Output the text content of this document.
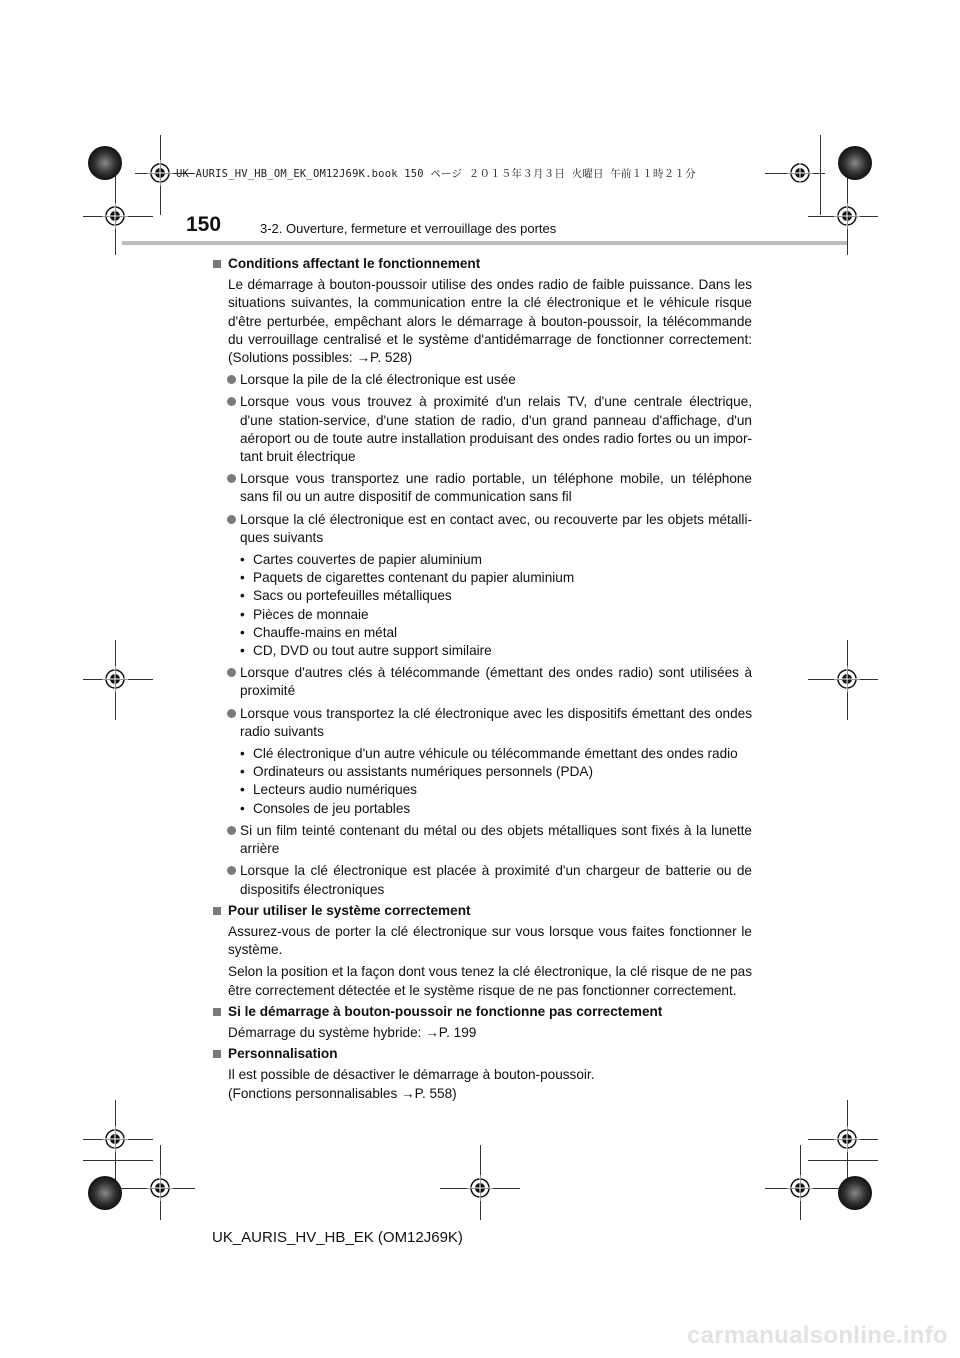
UK AURIS_HV_HB_OM_EK_OM12J69K.book 150 ページ ２０１５年３月３日 火曜日 午前１１時２１分
150	3-2. Ouverture, fermeture et verrouillage des portes
Conditions affectant le fonctionnement
Le démarrage à bouton-poussoir utilise des ondes radio de faible puissance. Dans les situations suivantes, la communication entre la clé électronique et le véhicule risque d'être perturbée, empêchant alors le démarrage à bouton-poussoir, la télécommande du verrouillage centralisé et le système d'antidémarrage de fonctionner correctement: (Solutions possibles: →P. 528)
Lorsque la pile de la clé électronique est usée
Lorsque vous vous trouvez à proximité d'un relais TV, d'une centrale électrique, d'une station-service, d'une station de radio, d'un grand panneau d'affichage, d'un aéroport ou de toute autre installation produisant des ondes radio fortes ou un impor-tant bruit électrique
Lorsque vous transportez une radio portable, un téléphone mobile, un téléphone sans fil ou un autre dispositif de communication sans fil
Lorsque la clé électronique est en contact avec, ou recouverte par les objets métalli-ques suivants
• Cartes couvertes de papier aluminium
• Paquets de cigarettes contenant du papier aluminium
• Sacs ou portefeuilles métalliques
• Pièces de monnaie
• Chauffe-mains en métal
• CD, DVD ou tout autre support similaire
Lorsque d'autres clés à télécommande (émettant des ondes radio) sont utilisées à proximité
Lorsque vous transportez la clé électronique avec les dispositifs émettant des ondes radio suivants
• Clé électronique d'un autre véhicule ou télécommande émettant des ondes radio
• Ordinateurs ou assistants numériques personnels (PDA)
• Lecteurs audio numériques
• Consoles de jeu portables
Si un film teinté contenant du métal ou des objets métalliques sont fixés à la lunette arrière
Lorsque la clé électronique est placée à proximité d'un chargeur de batterie ou de dispositifs électroniques
Pour utiliser le système correctement
Assurez-vous de porter la clé électronique sur vous lorsque vous faites fonctionner le système.
Selon la position et la façon dont vous tenez la clé électronique, la clé risque de ne pas être correctement détectée et le système risque de ne pas fonctionner correctement.
Si le démarrage à bouton-poussoir ne fonctionne pas correctement
Démarrage du système hybride: →P. 199
Personnalisation
Il est possible de désactiver le démarrage à bouton-poussoir.
(Fonctions personnalisables →P. 558)
UK_AURIS_HV_HB_EK (OM12J69K)
carmanualsonline.info
